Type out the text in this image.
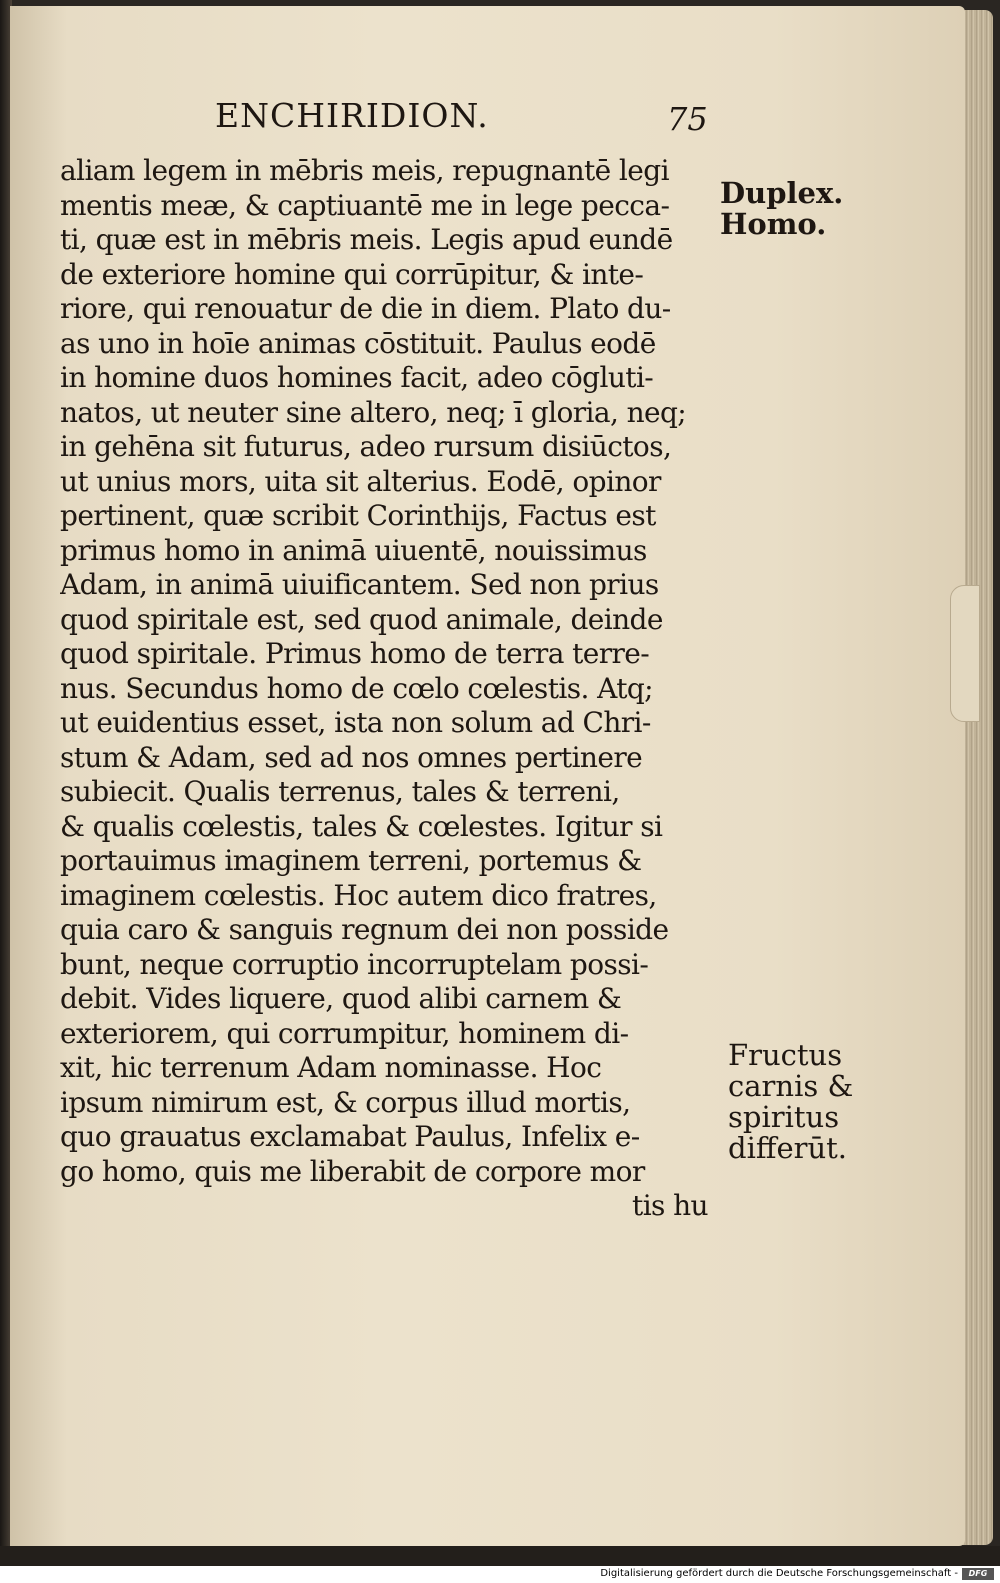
ENCHIRIDION.	75
aliam legem in mēbris meis, repugnantē legi
mentis meæ, & captiuantē me in lege pecca-
ti, quæ est in mēbris meis. Legis apud eundē
de exteriore homine qui corrūpitur, & inte-
riore, qui renouatur de die in diem. Plato du-
as uno in hoīe animas cōstituit. Paulus eodē
in homine duos homines facit, adeo cōgluti-
natos, ut neuter sine altero, neq; ī gloria, neq;
in gehēna sit futurus, adeo rursum disiūctos,
ut unius mors, uita sit alterius. Eodē, opinor
pertinent, quæ scribit Corinthijs, Factus est
primus homo in animā uiuentē, nouissimus
Adam, in animā uiuificantem. Sed non prius
quod spiritale est, sed quod animale, deinde
quod spiritale. Primus homo de terra terre-
nus. Secundus homo de cœlo cœlestis. Atq;
ut euidentius esset, ista non solum ad Chri-
stum & Adam, sed ad nos omnes pertinere
subiecit. Qualis terrenus, tales & terreni,
& qualis cœlestis, tales & cœlestes. Igitur si
portauimus imaginem terreni, portemus &
imaginem cœlestis. Hoc autem dico fratres,
quia caro & sanguis regnum dei non posside
bunt, neque corruptio incorruptelam possi-
debit. Vides liquere, quod alibi carnem &
exteriorem, qui corrumpitur, hominem di-
xit, hic terrenum Adam nominasse. Hoc
ipsum nimirum est, & corpus illud mortis,
quo grauatus exclamabat Paulus, Infelix e-
go homo, quis me liberabit de corpore mor
tis hu
Duplex.
Homo.
Fructus
carnis &
spiritus
differūt.
Digitalisierung gefördert durch die Deutsche Forschungsgemeinschaft -	DFG
